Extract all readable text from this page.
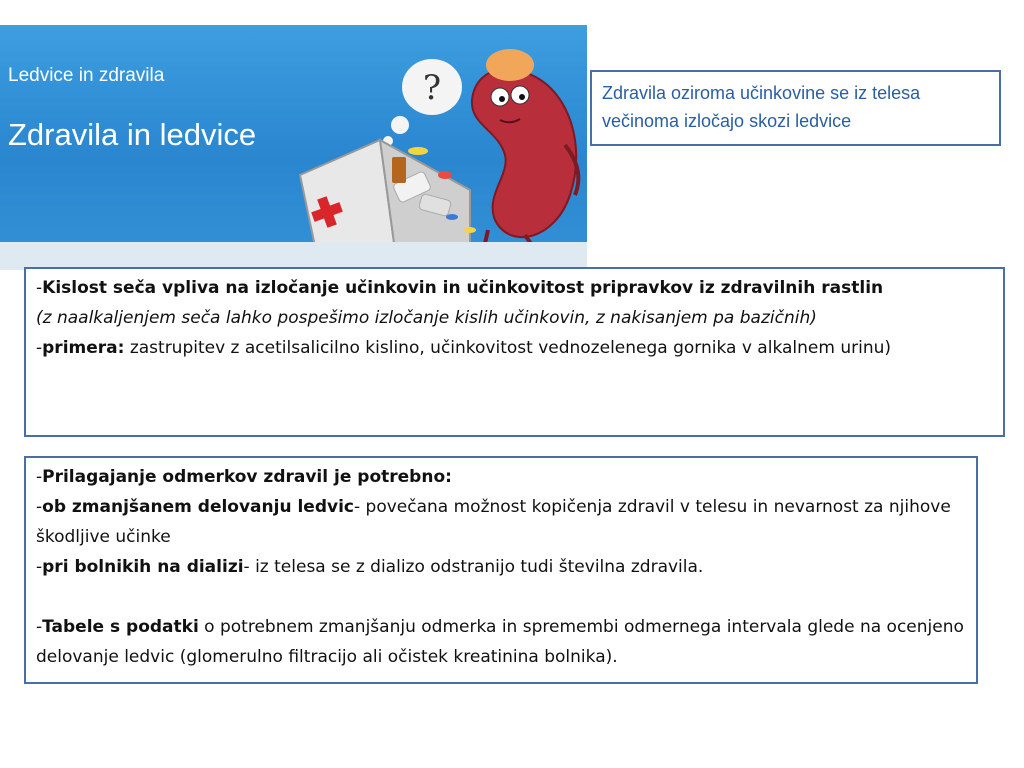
?
Ledvice in zdravila
Zdravila in ledvice

Zdravila oziroma učinkovine se iz telesa večinoma izločajo skozi ledvice

-Kislost seča vpliva na izločanje učinkovin in učinkovitost pripravkov iz zdravilnih rastlin
(z naalkaljenjem seča lahko pospešimo izločanje kislih učinkovin, z nakisanjem pa bazičnih)

-primera: zastrupitev z acetilsalicilno kislino, učinkovitost vednozelenega gornika v alkalnem urinu)

-Prilagajanje odmerkov zdravil je potrebno:

-ob zmanjšanem delovanju ledvic- povečana možnost kopičenja zdravil v telesu in nevarnost za njihove škodljive učinke

-pri bolnikih na dializi- iz telesa se z dializo odstranijo tudi številna zdravila.

-Tabele s podatki o potrebnem zmanjšanju odmerka in spremembi odmernega intervala glede na ocenjeno delovanje ledvic (glomerulno filtracijo ali očistek kreatinina bolnika).
